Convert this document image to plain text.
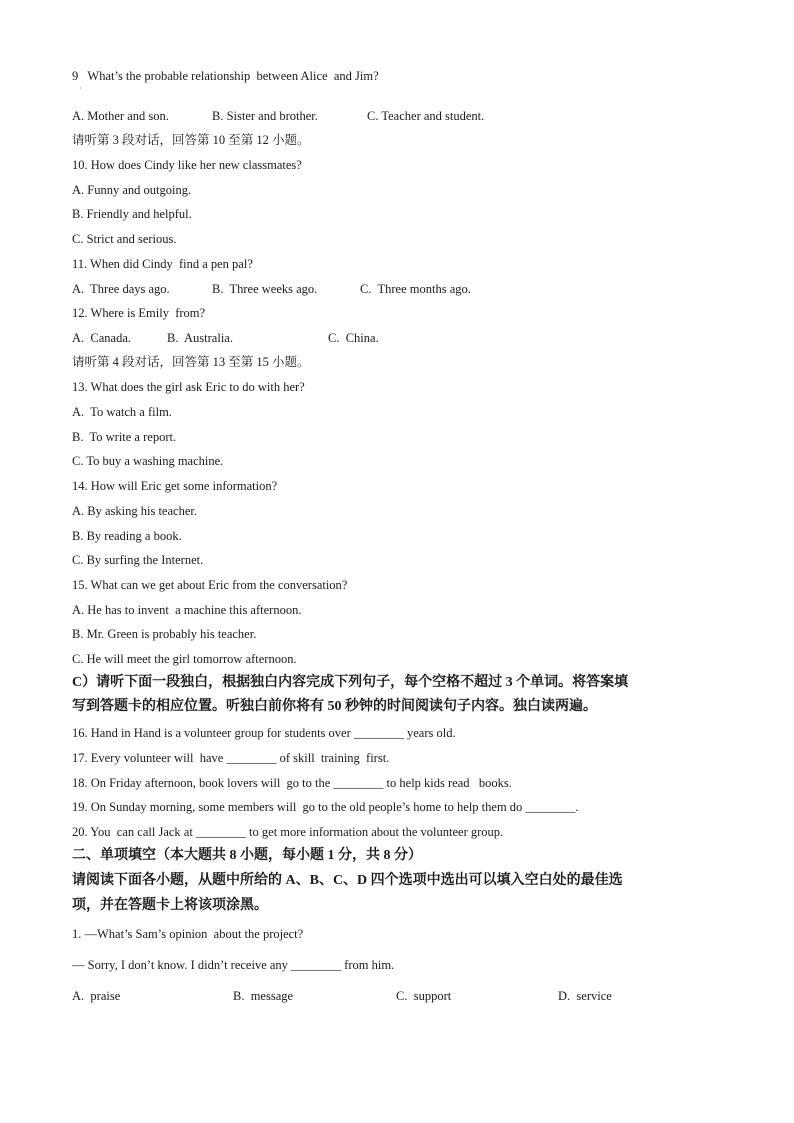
9   What’s the probable relationship  between Alice  and Jim?
·
A. Mother and son.	B. Sister and brother.	C. Teacher and student.
请听第 3 段对话，回答第 10 至第 12 小题。
10. How does Cindy like her new classmates?
A. Funny and outgoing.
B. Friendly and helpful.
C. Strict and serious.
11. When did Cindy  find a pen pal?
A.  Three days ago.	B.  Three weeks ago.	C.  Three months ago.
12. Where is Emily  from?
A.  Canada.	B.  Australia.	C.  China.
请听第 4 段对话，回答第 13 至第 15 小题。
13. What does the girl ask Eric to do with her?
A.  To watch a film.
B.  To write a report.
C. To buy a washing machine.
14. How will Eric get some information?
A. By asking his teacher.
B. By reading a book.
C. By surfing the Internet.
15. What can we get about Eric from the conversation?
A. He has to invent  a machine this afternoon.
B. Mr. Green is probably his teacher.
C. He will meet the girl tomorrow afternoon.
C）请听下面一段独白，根据独白内容完成下列句子，每个空格不超过 3 个单词。将答案填
写到答题卡的相应位置。听独白前你将有 50 秒钟的时间阅读句子内容。独白读两遍。
16. Hand in Hand is a volunteer group for students over ________ years old.
17. Every volunteer will  have ________ of skill  training  first.
18. On Friday afternoon, book lovers will  go to the ________ to help kids read   books.
19. On Sunday morning, some members will  go to the old people’s home to help them do ________.
20. You  can call Jack at ________ to get more information about the volunteer group.
二、单项填空（本大题共 8 小题，每小题 1 分，共 8 分）
请阅读下面各小题，从题中所给的 A、B、C、D 四个选项中选出可以填入空白处的最佳选
项，并在答题卡上将该项涂黑。
1. —What’s Sam’s opinion  about the project?
— Sorry, I don’t know. I didn’t receive any ________ from him.
A.  praise	B.  message	C.  support	D.  service
